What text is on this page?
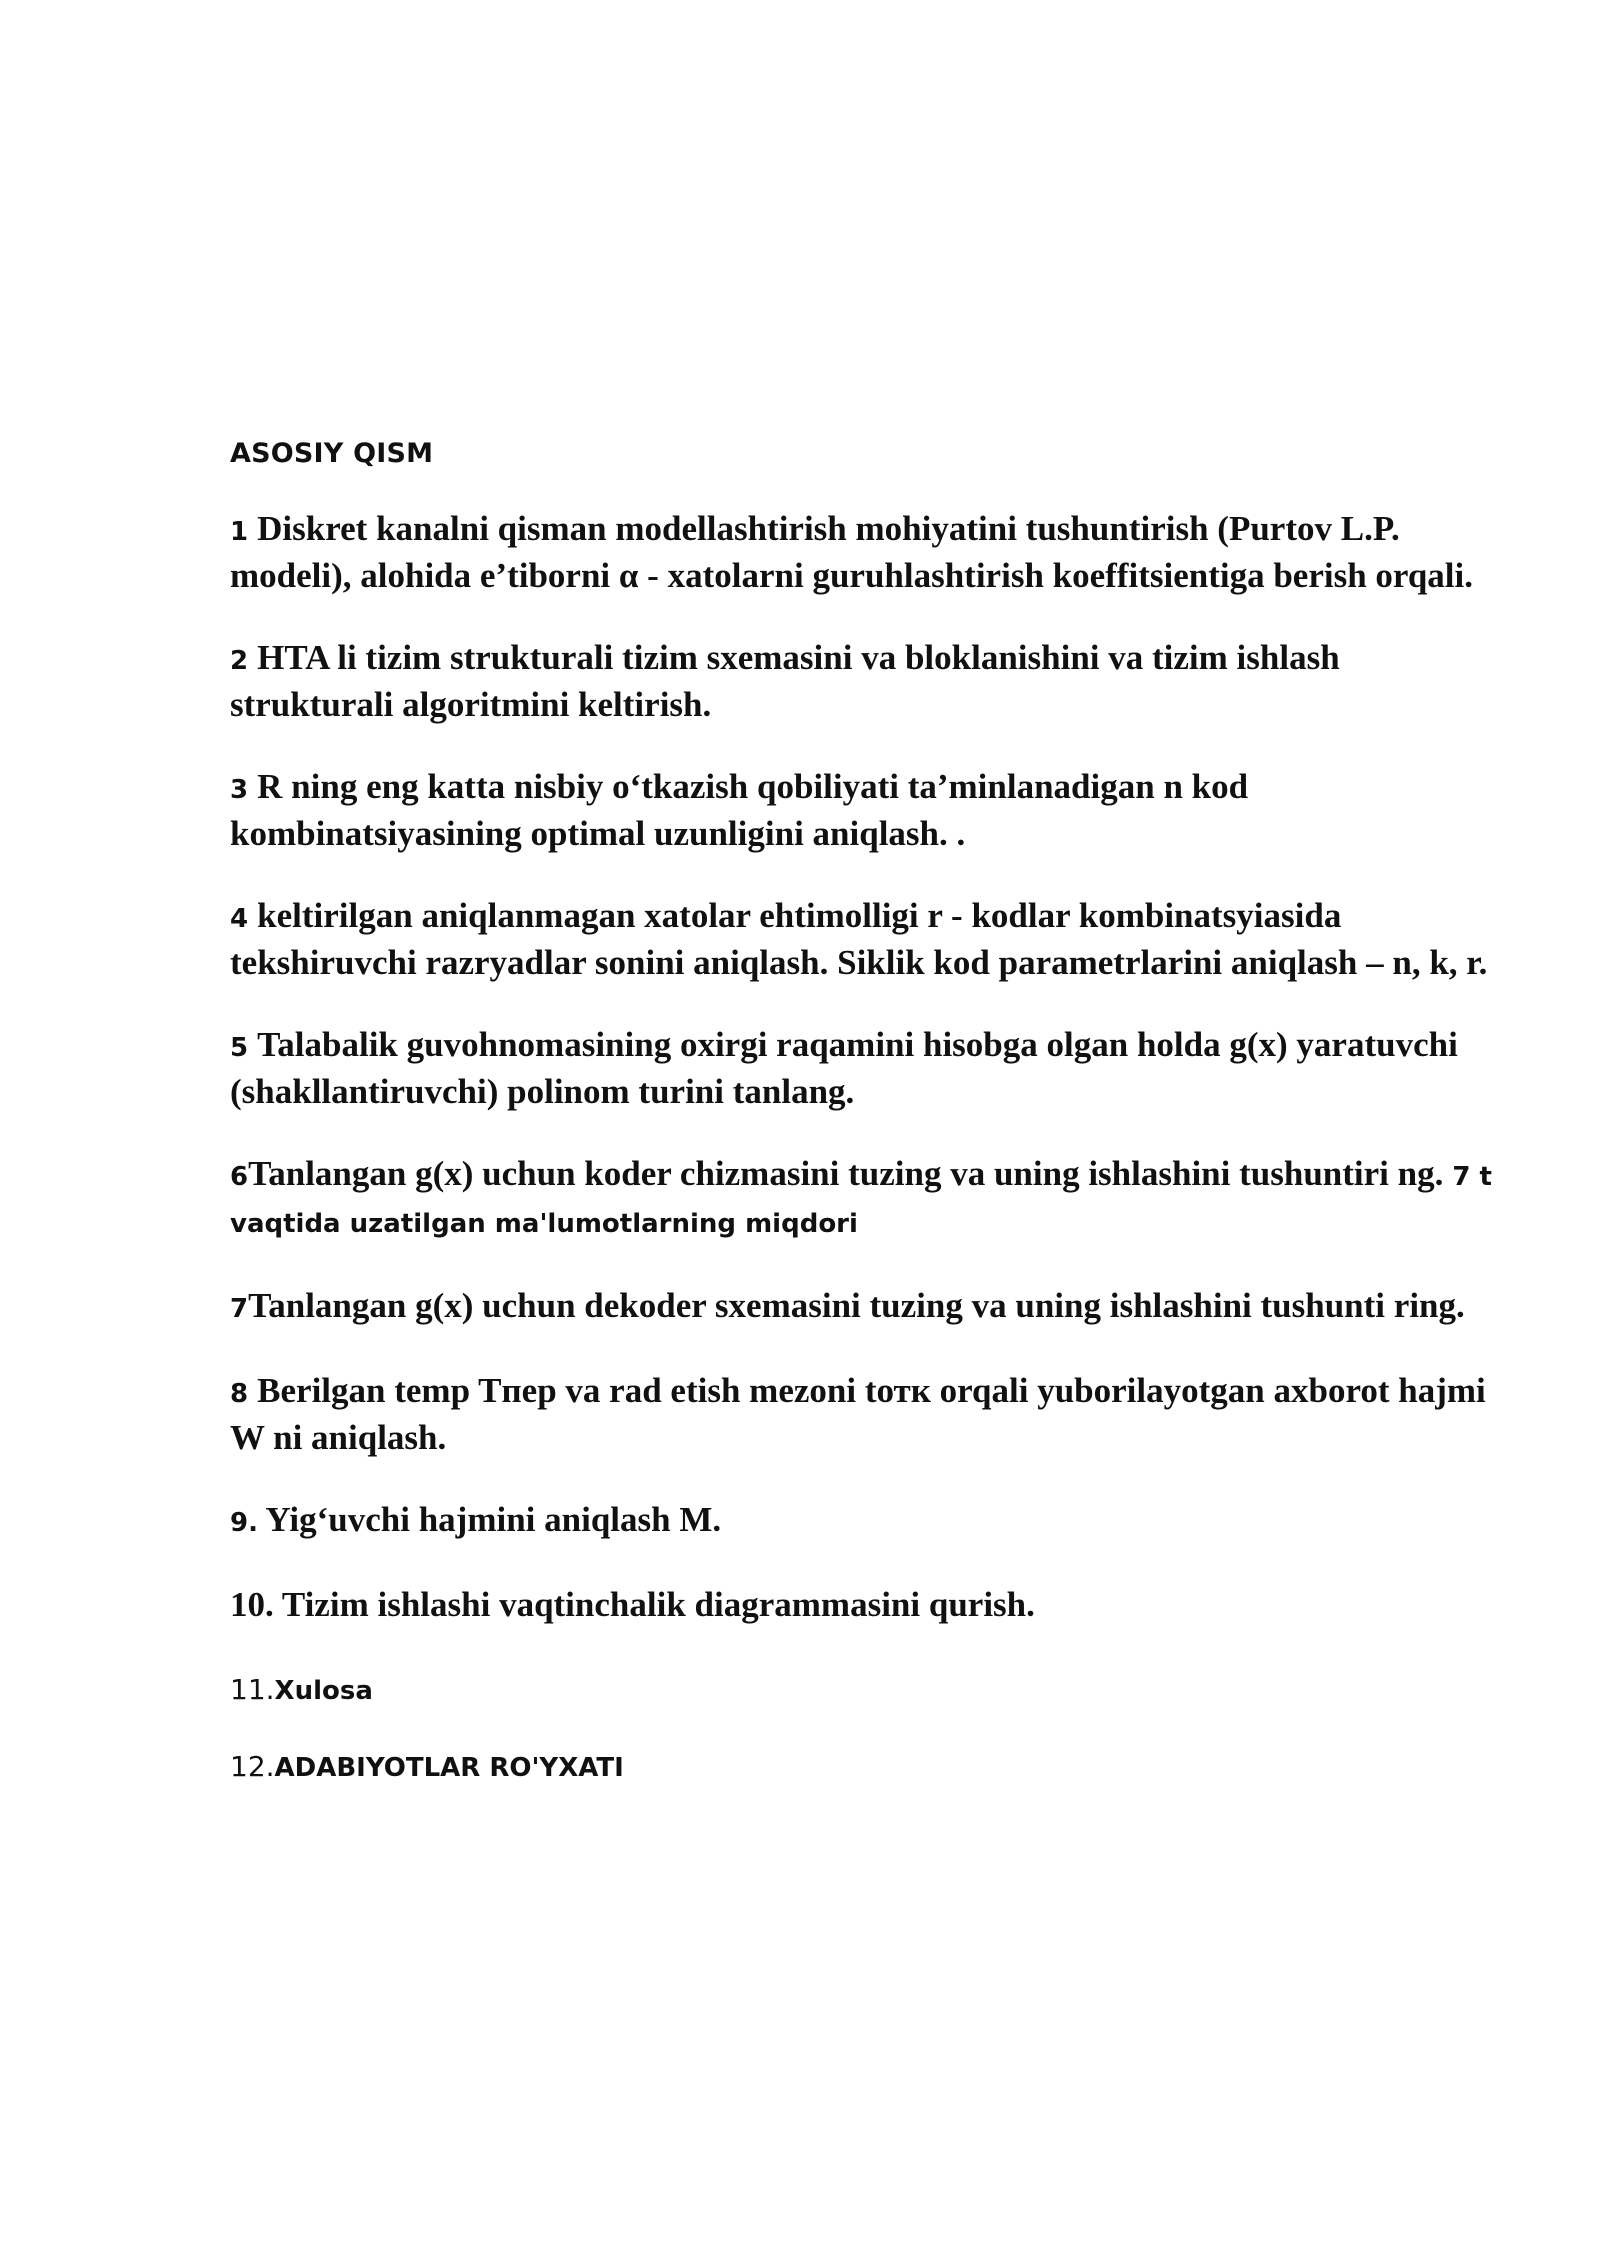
ASOSIY QISM
1 Diskret kanalni qisman modellashtirish mohiyatini tushuntirish (Purtov L.P. modeli), alohida e’tiborni α - xatolarni guruhlashtirish koeffitsientiga berish orqali.
2 HTA li tizim strukturali tizim sxemasini va bloklanishini va tizim ishlash strukturali algoritmini keltirish.
3 R ning eng katta nisbiy o‘tkazish qobiliyati ta’minlanadigan n kod kombinatsiyasining optimal uzunligini aniqlash. .
4 keltirilgan aniqlanmagan xatolar ehtimolligi r - kodlar kombinatsyiasida tekshiruvchi razryadlar sonini aniqlash. Siklik kod parametrlarini aniqlash – n, k, r.
5 Talabalik guvohnomasining oxirgi raqamini hisobga olgan holda g(x) yaratuvchi (shakllantiruvchi) polinom turini tanlang.
6Tanlangan g(x) uchun koder chizmasini tuzing va uning ishlashini tushuntiri ng. 7 t vaqtida uzatilgan ma'lumotlarning miqdori
7Tanlangan g(x) uchun dekoder sxemasini tuzing va uning ishlashini tushunti ring.
8 Berilgan temp Tпер va rad etish mezoni tотк orqali yuborilayotgan axborot hajmi W ni aniqlash.
9. Yig‘uvchi hajmini aniqlash M.
10. Tizim ishlashi vaqtinchalik diagrammasini qurish.
11.Xulosa
12.ADABIYOTLAR RO'YXATI
